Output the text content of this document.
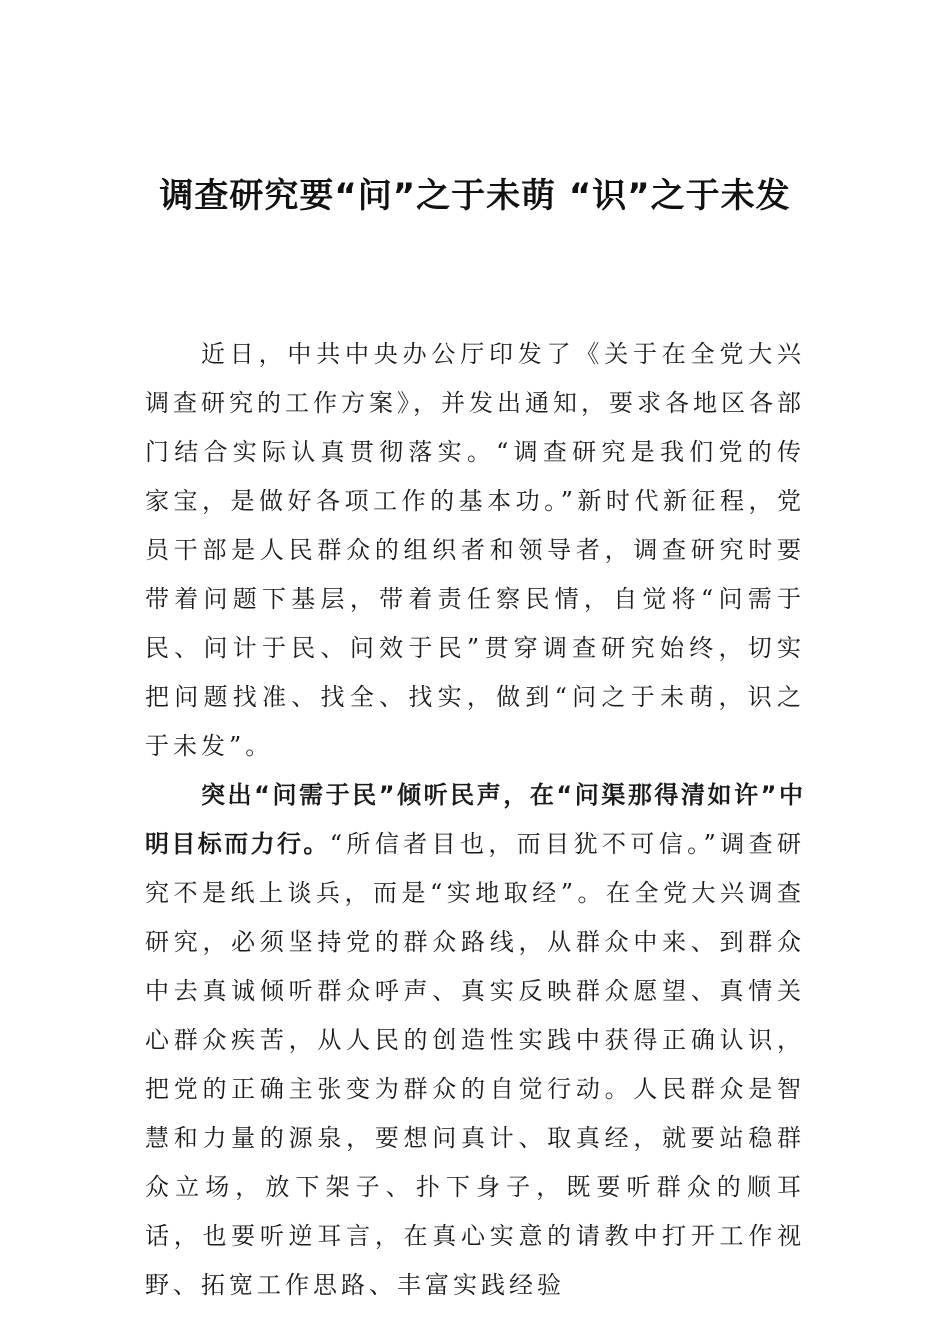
调查研究要“问”之于未萌 “识”之于未发

近日，中共中央办公厅印发了《关于在全党大兴调查研究的工作方案》，并发出通知，要求各地区各部门结合实际认真贯彻落实。“调查研究是我们党的传家宝，是做好各项工作的基本功。”新时代新征程，党员干部是人民群众的组织者和领导者，调查研究时要带着问题下基层，带着责任察民情，自觉将“问需于民、问计于民、问效于民”贯穿调查研究始终，切实把问题找准、找全、找实，做到“问之于未萌，识之于未发”。

突出“问需于民”倾听民声，在“问渠那得清如许”中明目标而力行。“所信者目也，而目犹不可信。”调查研究不是纸上谈兵，而是“实地取经”。在全党大兴调查研究，必须坚持党的群众路线，从群众中来、到群众中去真诚倾听群众呼声、真实反映群众愿望、真情关心群众疾苦，从人民的创造性实践中获得正确认识，把党的正确主张变为群众的自觉行动。人民群众是智慧和力量的源泉，要想问真计、取真经，就要站稳群众立场，放下架子、扑下身子，既要听群众的顺耳话，也要听逆耳言，在真心实意的请教中打开工作视野、拓宽工作思路、丰富实践经验
